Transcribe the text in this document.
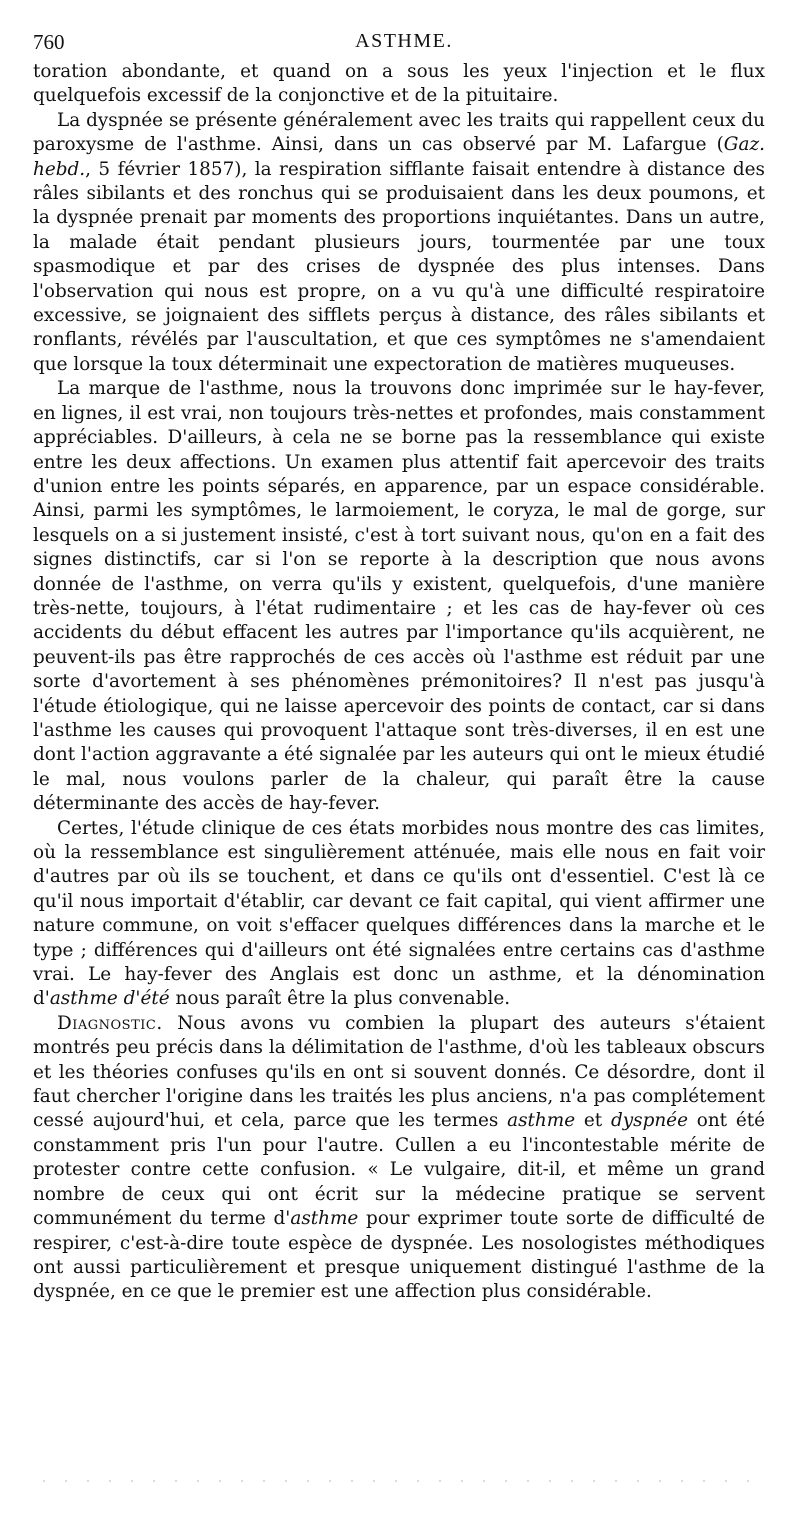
760	ASTHME.

toration abondante, et quand on a sous les yeux l'injection et le flux quelquefois excessif de la conjonctive et de la pituitaire.

La dyspnée se présente généralement avec les traits qui rappellent ceux du paroxysme de l'asthme. Ainsi, dans un cas observé par M. Lafargue (Gaz. hebd., 5 février 1857), la respiration sifflante faisait entendre à distance des râles sibilants et des ronchus qui se produisaient dans les deux poumons, et la dyspnée prenait par moments des proportions inquiétantes. Dans un autre, la malade était pendant plusieurs jours, tourmentée par une toux spasmodique et par des crises de dyspnée des plus intenses. Dans l'observation qui nous est propre, on a vu qu'à une difficulté respiratoire excessive, se joignaient des sifflets perçus à distance, des râles sibilants et ronflants, révélés par l'auscultation, et que ces symptômes ne s'amendaient que lorsque la toux déterminait une expectoration de matières muqueuses.

La marque de l'asthme, nous la trouvons donc imprimée sur le hay-fever, en lignes, il est vrai, non toujours très-nettes et profondes, mais constamment appréciables. D'ailleurs, à cela ne se borne pas la ressemblance qui existe entre les deux affections. Un examen plus attentif fait apercevoir des traits d'union entre les points séparés, en apparence, par un espace considérable. Ainsi, parmi les symptômes, le larmoiement, le coryza, le mal de gorge, sur lesquels on a si justement insisté, c'est à tort suivant nous, qu'on en a fait des signes distinctifs, car si l'on se reporte à la description que nous avons donnée de l'asthme, on verra qu'ils y existent, quelquefois, d'une manière très-nette, toujours, à l'état rudimentaire ; et les cas de hay-fever où ces accidents du début effacent les autres par l'importance qu'ils acquièrent, ne peuvent-ils pas être rapprochés de ces accès où l'asthme est réduit par une sorte d'avortement à ses phénomènes prémonitoires? Il n'est pas jusqu'à l'étude étiologique, qui ne laisse apercevoir des points de contact, car si dans l'asthme les causes qui provoquent l'attaque sont très-diverses, il en est une dont l'action aggravante a été signalée par les auteurs qui ont le mieux étudié le mal, nous voulons parler de la chaleur, qui paraît être la cause déterminante des accès de hay-fever.

Certes, l'étude clinique de ces états morbides nous montre des cas limites, où la ressemblance est singulièrement atténuée, mais elle nous en fait voir d'autres par où ils se touchent, et dans ce qu'ils ont d'essentiel. C'est là ce qu'il nous importait d'établir, car devant ce fait capital, qui vient affirmer une nature commune, on voit s'effacer quelques différences dans la marche et le type ; différences qui d'ailleurs ont été signalées entre certains cas d'asthme vrai. Le hay-fever des Anglais est donc un asthme, et la dénomination d'asthme d'été nous paraît être la plus convenable.

Diagnostic. Nous avons vu combien la plupart des auteurs s'étaient montrés peu précis dans la délimitation de l'asthme, d'où les tableaux obscurs et les théories confuses qu'ils en ont si souvent donnés. Ce désordre, dont il faut chercher l'origine dans les traités les plus anciens, n'a pas complétement cessé aujourd'hui, et cela, parce que les termes asthme et dyspnée ont été constamment pris l'un pour l'autre. Cullen a eu l'incontestable mérite de protester contre cette confusion. « Le vulgaire, dit-il, et même un grand nombre de ceux qui ont écrit sur la médecine pratique se servent communément du terme d'asthme pour exprimer toute sorte de difficulté de respirer, c'est-à-dire toute espèce de dyspnée. Les nosologistes méthodiques ont aussi particulièrement et presque uniquement distingué l'asthme de la dyspnée, en ce que le premier est une affection plus considérable.
